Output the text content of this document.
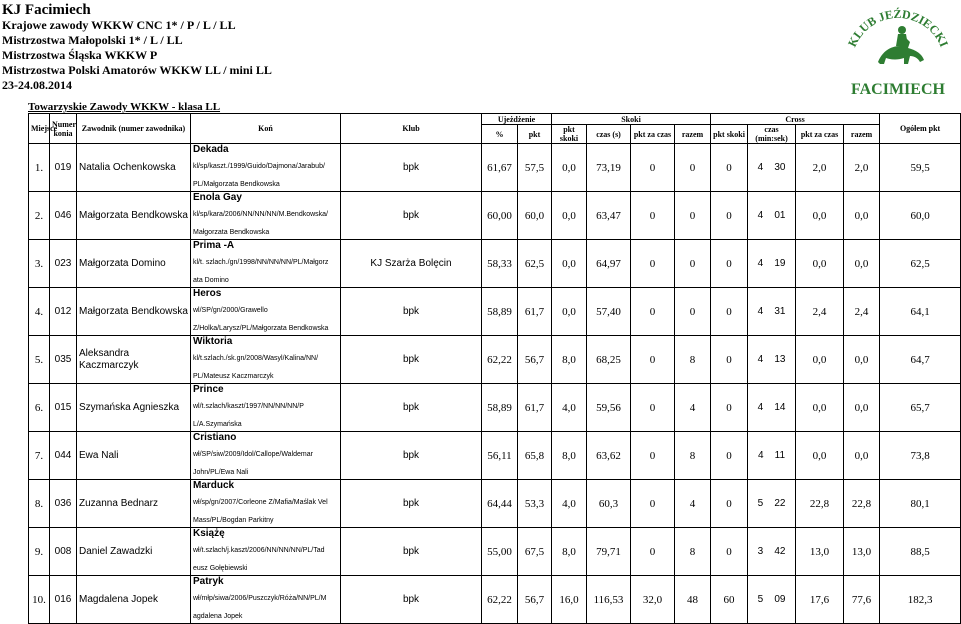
KJ Facimiech
Krajowe zawody WKKW CNC 1* / P / L / LL
Mistrzostwa Małopolski 1* / L / LL
Mistrzostwa Śląska WKKW P
Mistrzostwa Polski Amatorów WKKW LL / mini LL
23-24.08.2014
Towarzyskie Zawody WKKW - klasa LL
KLUB JEŹDZIECKI
FACIMIECH
Miejsce	Numer konia	Zawodnik (numer zawodnika)	Koń	Klub	Ujeżdżenie		Skoki				Cross				Ogółem pkt
					%	pkt	pkt skoki	czas (s)	pkt za czas	razem	pkt skoki	czas (min:sek)	pkt za czas	razem	
1.	019	Natalia Ochenkowska	Dekada
kl/sp/kaszt./1999/Guido/Dajmona/Jarabub/ PL/Małgorzata Bendkowska	bpk	61,67	57,5	0,0	73,19	0	0	0	4 30	2,0	2,0	59,5
2.	046	Małgorzata Bendkowska	Enola Gay
kl/sp/kara/2006/NN/NN/NN/M.Bendkowska/ Małgorzata Bendkowska	bpk	60,00	60,0	0,0	63,47	0	0	0	4 01	0,0	0,0	60,0
3.	023	Małgorzata Domino	Prima -A
kl/t. szlach./gn/1998/NN/NN/NN/PL/Małgorz ata Domino	KJ Szarża Bolęcin	58,33	62,5	0,0	64,97	0	0	0	4 19	0,0	0,0	62,5
4.	012	Małgorzata Bendkowska	Heros
wl/SP/gn/2000/Grawello Z/Holka/Larysz/PL/Małgorzata Bendkowska	bpk	58,89	61,7	0,0	57,40	0	0	0	4 31	2,4	2,4	64,1
5.	035	Aleksandra Kaczmarczyk	Wiktoria
kl/t.szlach./sk.gn/2008/Wasyl/Kalina/NN/ PL/Mateusz Kaczmarczyk	bpk	62,22	56,7	8,0	68,25	0	8	0	4 13	0,0	0,0	64,7
6.	015	Szymańska Agnieszka	Prince
wl/t.szlach/kaszt/1997/NN/NN/NN/P L/A.Szymańska	bpk	58,89	61,7	4,0	59,56	0	4	0	4 14	0,0	0,0	65,7
7.	044	Ewa Nali	Cristiano
wł/SP/siw/2009/Idol/Callope/Waldemar John/PL/Ewa Nali	bpk	56,11	65,8	8,0	63,62	0	8	0	4 11	0,0	0,0	73,8
8.	036	Zuzanna Bednarz	Marduck
wł/sp/gn/2007/Corleone Z/Mafia/Maślak Vel Mass/PL/Bogdan Parkitny	bpk	64,44	53,3	4,0	60,3	0	4	0	5 22	22,8	22,8	80,1
9.	008	Daniel Zawadzki	Książę
wł/t.szlach/j.kaszt/2006/NN/NN/NN/PL/Tad eusz Gołębiewski	bpk	55,00	67,5	8,0	79,71	0	8	0	3 42	13,0	13,0	88,5
10.	016	Magdalena Jopek	Patryk
wł/młp/siwa/2006/Puszczyk/Róża/NN/PL/M agdalena Jopek	bpk	62,22	56,7	16,0	116,53	32,0	48	60	5 09	17,6	77,6	182,3
